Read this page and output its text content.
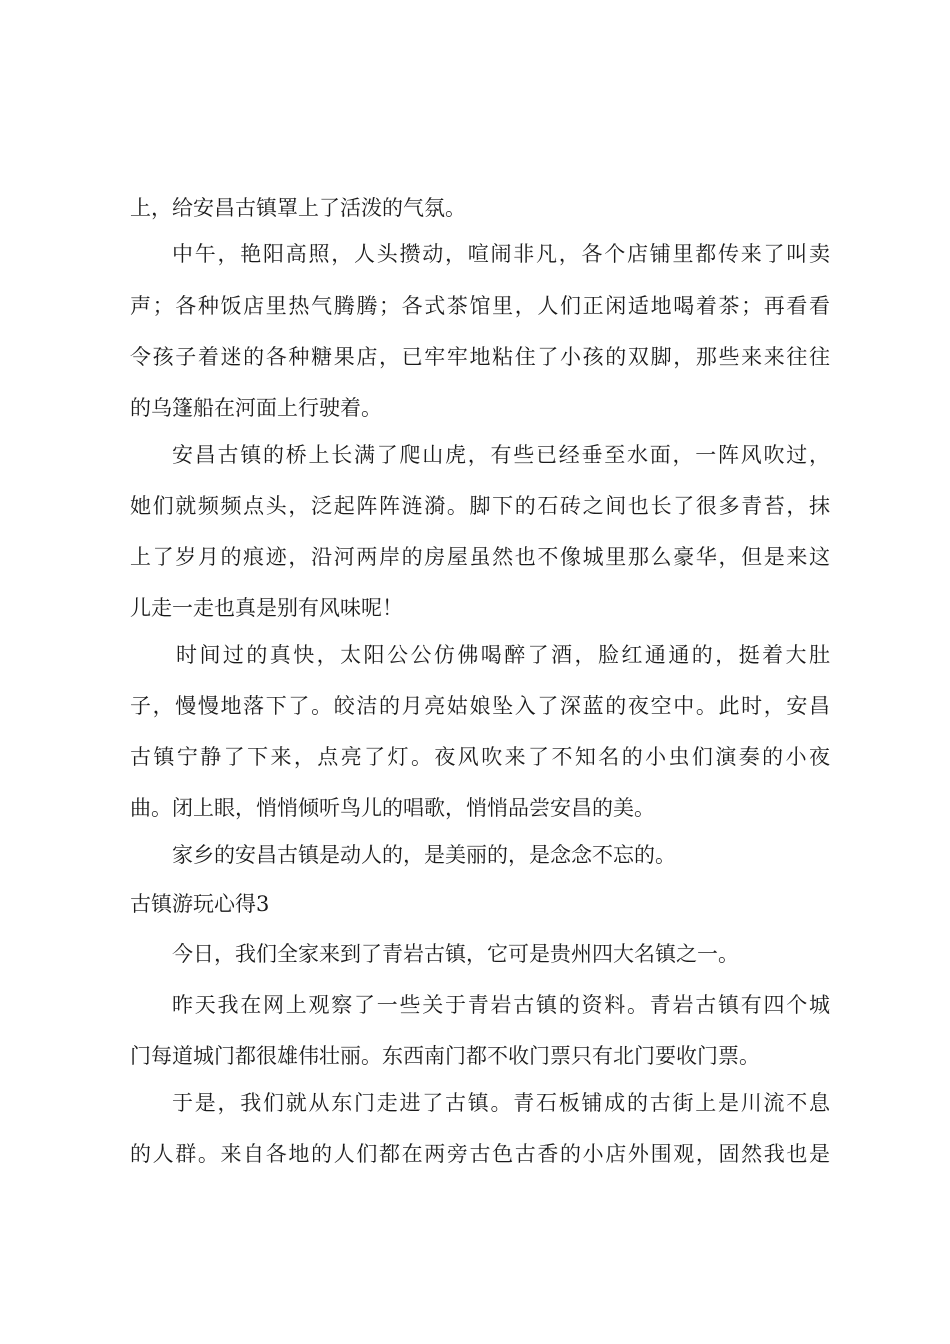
上，给安昌古镇罩上了活泼的气氛。
中午，艳阳高照，人头攒动，喧闹非凡，各个店铺里都传来了叫卖
声；各种饭店里热气腾腾；各式茶馆里，人们正闲适地喝着茶；再看看
令孩子着迷的各种糖果店，已牢牢地粘住了小孩的双脚，那些来来往往
的乌篷船在河面上行驶着。
安昌古镇的桥上长满了爬山虎，有些已经垂至水面，一阵风吹过，
她们就频频点头，泛起阵阵涟漪。脚下的石砖之间也长了很多青苔，抹
上了岁月的痕迹，沿河两岸的房屋虽然也不像城里那么豪华，但是来这
儿走一走也真是别有风味呢！
时间过的真快，太阳公公仿佛喝醉了酒，脸红通通的，挺着大肚
子，慢慢地落下了。皎洁的月亮姑娘坠入了深蓝的夜空中。此时，安昌
古镇宁静了下来，点亮了灯。夜风吹来了不知名的小虫们演奏的小夜
曲。闭上眼，悄悄倾听鸟儿的唱歌，悄悄品尝安昌的美。
家乡的安昌古镇是动人的，是美丽的，是念念不忘的。
古镇游玩心得3
今日，我们全家来到了青岩古镇，它可是贵州四大名镇之一。
昨天我在网上观察了一些关于青岩古镇的资料。青岩古镇有四个城
门每道城门都很雄伟壮丽。东西南门都不收门票只有北门要收门票。
于是，我们就从东门走进了古镇。青石板铺成的古街上是川流不息
的人群。来自各地的人们都在两旁古色古香的小店外围观，固然我也是
